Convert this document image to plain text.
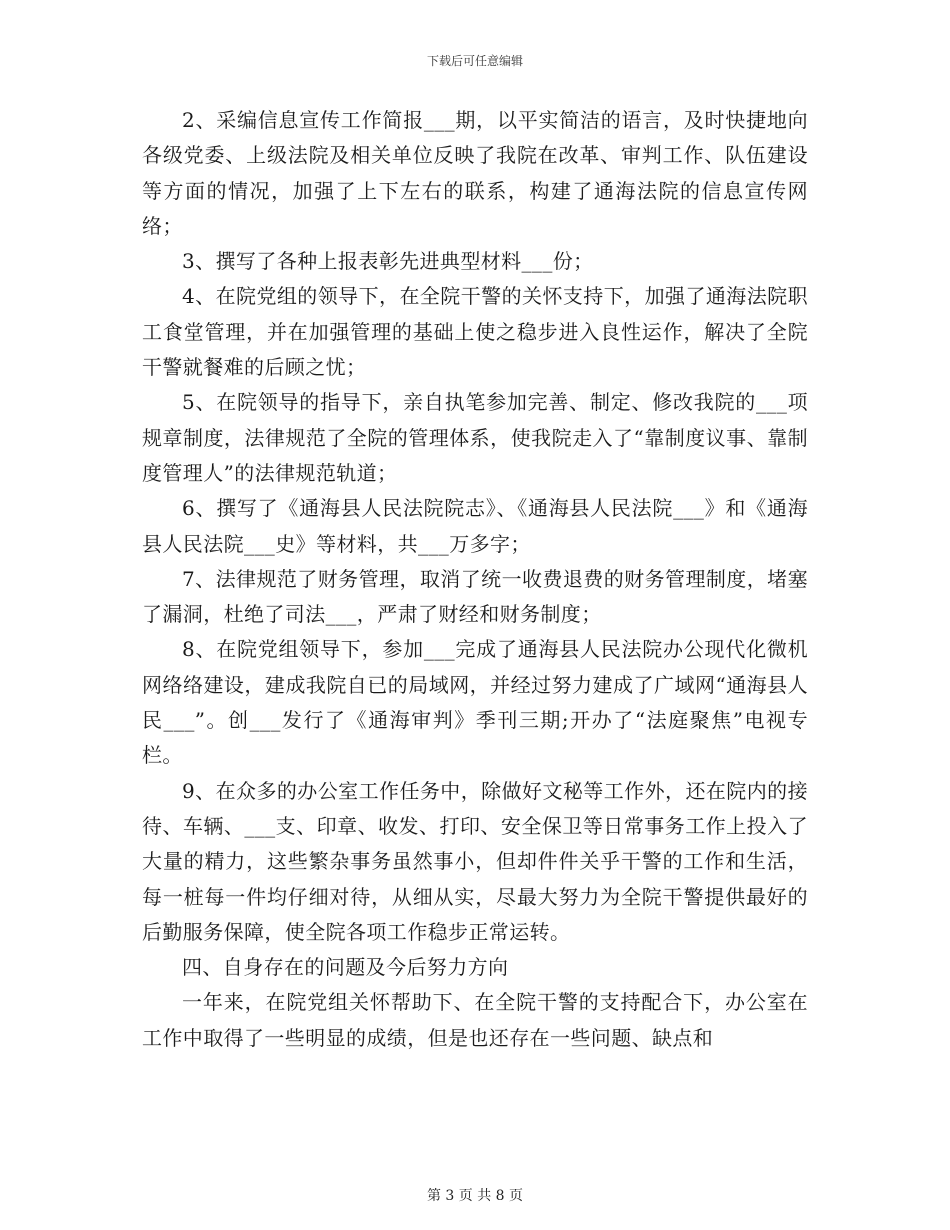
下载后可任意编辑

2、采编信息宣传工作简报___期，以平实简洁的语言，及时快捷地向各级党委、上级法院及相关单位反映了我院在改革、审判工作、队伍建设等方面的情况，加强了上下左右的联系，构建了通海法院的信息宣传网络；

3、撰写了各种上报表彰先进典型材料___份；

4、在院党组的领导下，在全院干警的关怀支持下，加强了通海法院职工食堂管理，并在加强管理的基础上使之稳步进入良性运作，解决了全院干警就餐难的后顾之忧；

5、在院领导的指导下，亲自执笔参加完善、制定、修改我院的___项规章制度，法律规范了全院的管理体系，使我院走入了“靠制度议事、靠制度管理人”的法律规范轨道；

6、撰写了《通海县人民法院院志》、《通海县人民法院___》和《通海县人民法院___史》等材料，共___万多字；

7、法律规范了财务管理，取消了统一收费退费的财务管理制度，堵塞了漏洞，杜绝了司法___，严肃了财经和财务制度；

8、在院党组领导下，参加___完成了通海县人民法院办公现代化微机网络络建设，建成我院自已的局域网，并经过努力建成了广域网“通海县人民___”。创___发行了《通海审判》季刊三期;开办了“法庭聚焦”电视专栏。

9、在众多的办公室工作任务中，除做好文秘等工作外，还在院内的接待、车辆、___支、印章、收发、打印、安全保卫等日常事务工作上投入了大量的精力，这些繁杂事务虽然事小，但却件件关乎干警的工作和生活，每一桩每一件均仔细对待，从细从实，尽最大努力为全院干警提供最好的后勤服务保障，使全院各项工作稳步正常运转。

四、自身存在的问题及今后努力方向

一年来，在院党组关怀帮助下、在全院干警的支持配合下，办公室在工作中取得了一些明显的成绩，但是也还存在一些问题、缺点和

第 3 页 共 8 页
